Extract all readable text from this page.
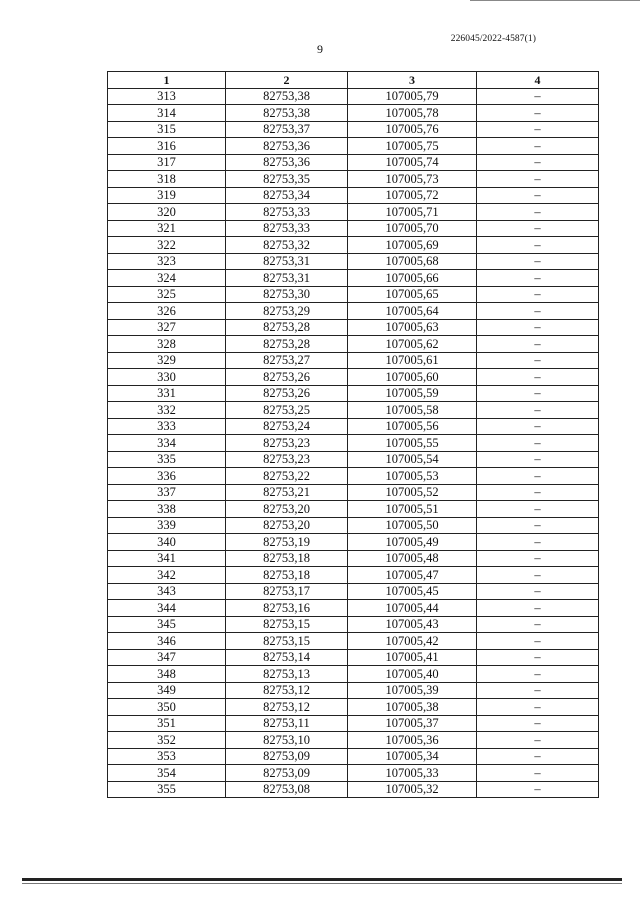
226045/2022-4587(1)
9
1	2	3	4
313	82753,38	107005,79	–
314	82753,38	107005,78	–
315	82753,37	107005,76	–
316	82753,36	107005,75	–
317	82753,36	107005,74	–
318	82753,35	107005,73	–
319	82753,34	107005,72	–
320	82753,33	107005,71	–
321	82753,33	107005,70	–
322	82753,32	107005,69	–
323	82753,31	107005,68	–
324	82753,31	107005,66	–
325	82753,30	107005,65	–
326	82753,29	107005,64	–
327	82753,28	107005,63	–
328	82753,28	107005,62	–
329	82753,27	107005,61	–
330	82753,26	107005,60	–
331	82753,26	107005,59	–
332	82753,25	107005,58	–
333	82753,24	107005,56	–
334	82753,23	107005,55	–
335	82753,23	107005,54	–
336	82753,22	107005,53	–
337	82753,21	107005,52	–
338	82753,20	107005,51	–
339	82753,20	107005,50	–
340	82753,19	107005,49	–
341	82753,18	107005,48	–
342	82753,18	107005,47	–
343	82753,17	107005,45	–
344	82753,16	107005,44	–
345	82753,15	107005,43	–
346	82753,15	107005,42	–
347	82753,14	107005,41	–
348	82753,13	107005,40	–
349	82753,12	107005,39	–
350	82753,12	107005,38	–
351	82753,11	107005,37	–
352	82753,10	107005,36	–
353	82753,09	107005,34	–
354	82753,09	107005,33	–
355	82753,08	107005,32	–
